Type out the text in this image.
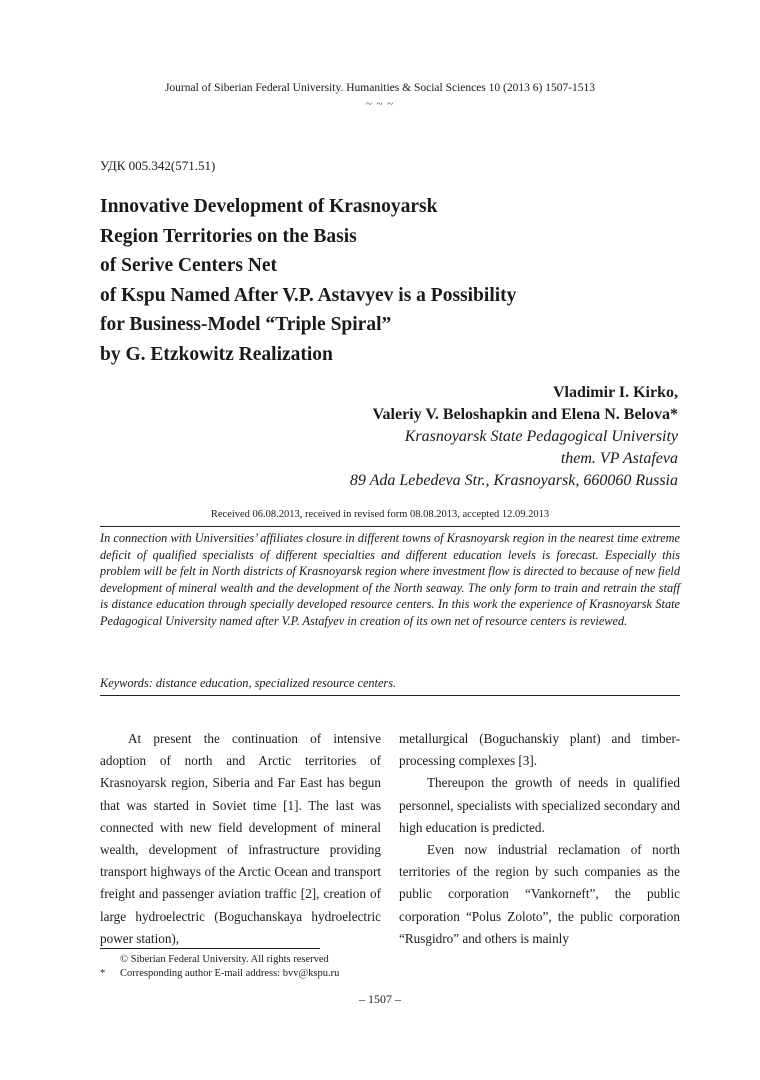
Journal of Siberian Federal University. Humanities & Social Sciences 10 (2013 6) 1507-1513
~ ~ ~
УДК 005.342(571.51)
Innovative Development of Krasnoyarsk
Region Territories on the Basis
of Serive Centers Net
of Kspu Named After V.P. Astavyev is a Possibility
for Business-Model “Triple Spiral”
by G. Etzkowitz Realization
Vladimir I. Kirko,
Valeriy V. Beloshapkin and Elena N. Belova*
Krasnoyarsk State Pedagogical University
them. VP Astafeva
89 Ada Lebedeva Str., Krasnoyarsk, 660060 Russia
Received 06.08.2013, received in revised form 08.08.2013, accepted 12.09.2013
In connection with Universities’ affiliates closure in different towns of Krasnoyarsk region in the nearest time extreme deficit of qualified specialists of different specialties and different education levels is forecast. Especially this problem will be felt in North districts of Krasnoyarsk region where investment flow is directed to because of new field development of mineral wealth and the development of the North seaway. The only form to train and retrain the staff is distance education through specially developed resource centers. In this work the experience of Krasnoyarsk State Pedagogical University named after V.P. Astafyev in creation of its own net of resource centers is reviewed.
Keywords: distance education, specialized resource centers.

At present the continuation of intensive adoption of north and Arctic territories of Krasnoyarsk region, Siberia and Far East has begun that was started in Soviet time [1]. The last was connected with new field development of mineral wealth, development of infrastructure providing transport highways of the Arctic Ocean and transport freight and passenger aviation traffic [2], creation of large hydroelectric (Boguchanskaya hydroelectric power station),

metallurgical (Boguchanskiy plant) and timber-processing complexes [3].

Thereupon the growth of needs in qualified personnel, specialists with specialized secondary and high education is predicted.

Even now industrial reclamation of north territories of the region by such companies as the public corporation “Vankorneft”, the public corporation “Polus Zoloto”, the public corporation “Rusgidro” and others is mainly

© Siberian Federal University. All rights reserved
* Corresponding author E-mail address: bvv@kspu.ru
– 1507 –
